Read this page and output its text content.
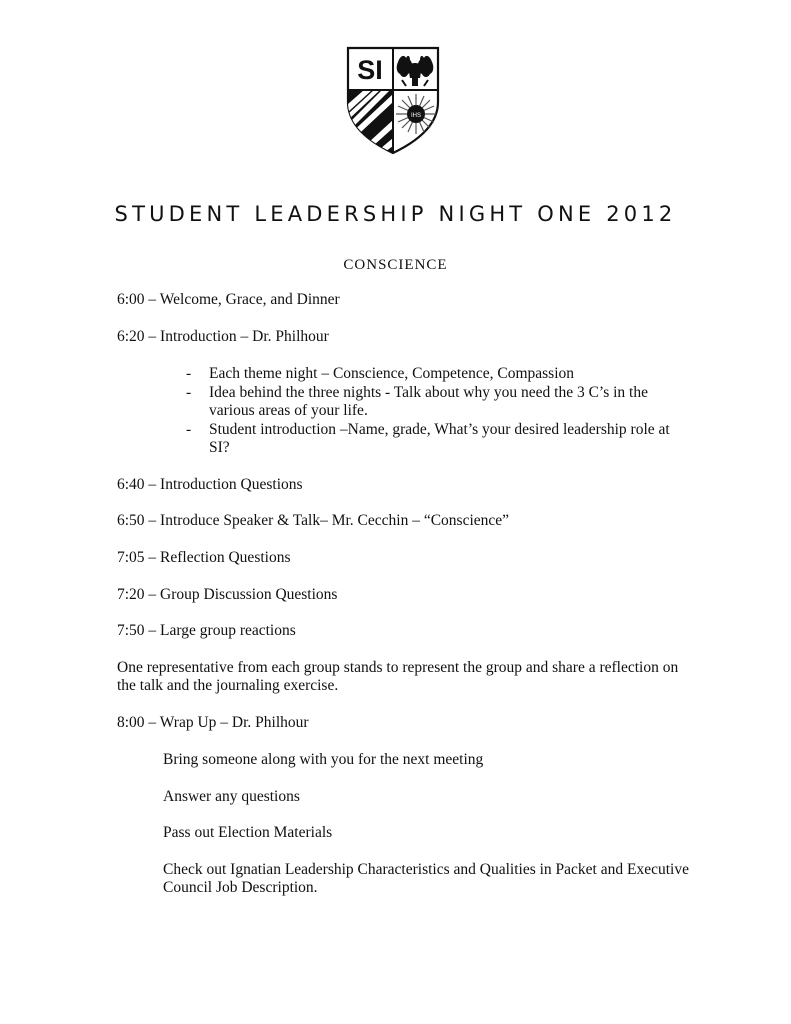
SI
IHS
STUDENT LEADERSHIP NIGHT ONE 2012

CONSCIENCE

6:00 – Welcome, Grace, and Dinner

6:20 – Introduction – Dr. Philhour

- Each theme night – Conscience, Competence, Compassion

- Idea behind the three nights - Talk about why you need the 3 C’s in the various areas of your life.

- Student introduction –Name, grade, What’s your desired leadership role at SI?

6:40 – Introduction Questions

6:50 – Introduce Speaker & Talk– Mr. Cecchin – “Conscience”

7:05 – Reflection Questions

7:20 – Group Discussion Questions

7:50 – Large group reactions

One representative from each group stands to represent the group and share a reflection on the talk and the journaling exercise.

8:00 – Wrap Up – Dr. Philhour

Bring someone along with you for the next meeting

Answer any questions

Pass out Election Materials

Check out Ignatian Leadership Characteristics and Qualities in Packet and Executive Council Job Description.
